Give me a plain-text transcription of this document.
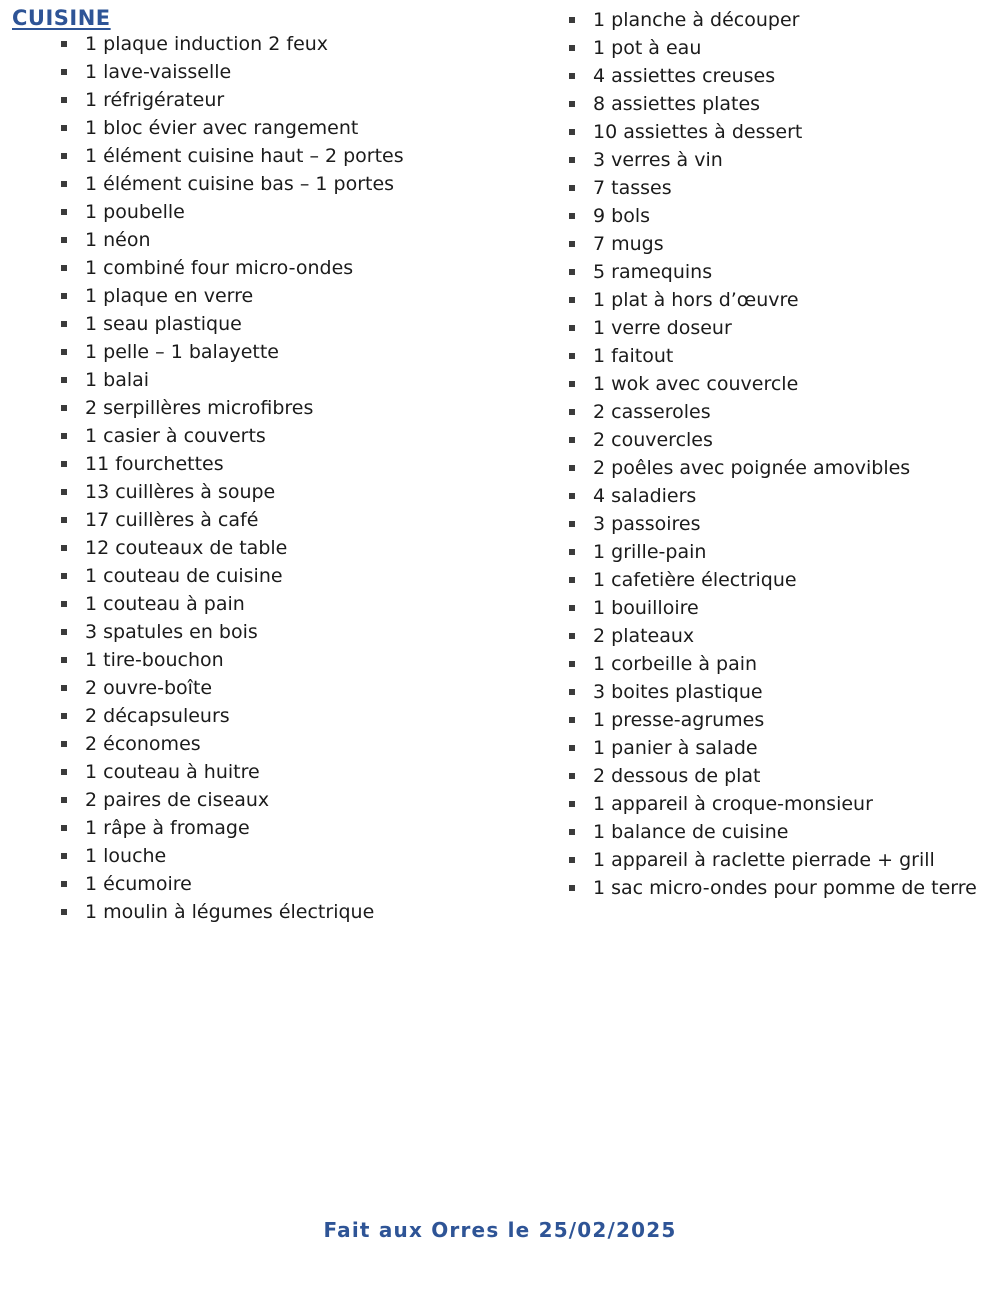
CUISINE
1 plaque induction 2 feux
1 lave-vaisselle
1 réfrigérateur
1 bloc évier avec rangement
1 élément cuisine haut – 2 portes
1 élément cuisine bas – 1 portes
1 poubelle
1 néon
1 combiné four micro-ondes
1 plaque en verre
1 seau plastique
1 pelle – 1 balayette
1 balai
2 serpillères microfibres
1 casier à couverts
11 fourchettes
13 cuillères à soupe
17 cuillères à café
12 couteaux de table
1 couteau de cuisine
1 couteau à pain
3 spatules en bois
1 tire-bouchon
2 ouvre-boîte
2 décapsuleurs
2 économes
1 couteau à huitre
2 paires de ciseaux
1 râpe à fromage
1 louche
1 écumoire
1 moulin à légumes électrique
1 planche à découper
1 pot à eau
4 assiettes creuses
8 assiettes plates
10 assiettes à dessert
3 verres à vin
7 tasses
9 bols
7 mugs
5 ramequins
1 plat à hors d’œuvre
1 verre doseur
1 faitout
1 wok avec couvercle
2 casseroles
2 couvercles
2 poêles avec poignée amovibles
4 saladiers
3 passoires
1 grille-pain
1 cafetière électrique
1 bouilloire
2 plateaux
1 corbeille à pain
3 boites plastique
1 presse-agrumes
1 panier à salade
2 dessous de plat
1 appareil à croque-monsieur
1 balance de cuisine
1 appareil à raclette pierrade + grill
1 sac micro-ondes pour pomme de terre
Fait aux Orres le 25/02/2025
